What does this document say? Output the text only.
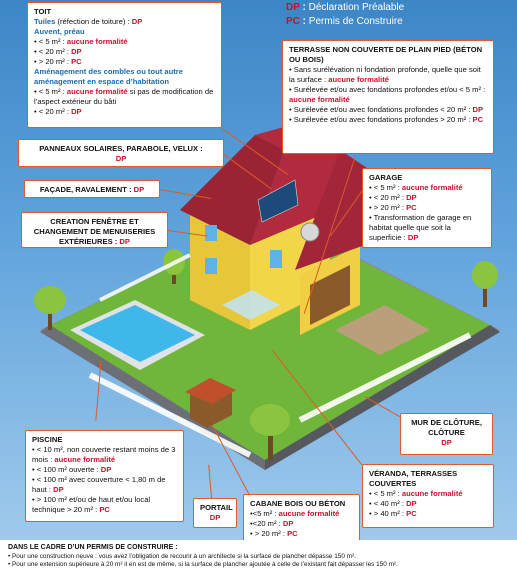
DP : Déclaration Préalable
PC : Permis de Construire
TOIT
Tuiles (réfection de toiture) : DP
Auvent, préau
• < 5 m² : aucune formalité
• < 20 m² : DP
• > 20 m² : PC
Aménagement des combles ou tout autre aménagement en espace d’habitation
• < 5 m² : aucune formalité si pas de modification de l’aspect extérieur du bâti
• < 20 m² : DP
TERRASSE NON COUVERTE DE PLAIN PIED (BÉTON OU BOIS)
• Sans surélévation ni fondation profonde, quelle que soit la surface : aucune formalité
• Surélevée et/ou avec fondations profondes et/ou < 5 m² : aucune formalité
• Surélevée et/ou avec fondations profondes < 20 m² : DP
• Surélevée et/ou avec fondations profondes > 20 m² : PC
PANNEAUX SOLAIRES, PARABOLE, VELUX :
DP
FAÇADE, RAVALEMENT : DP
CREATION FENÊTRE ET CHANGEMENT DE MENUISERIES EXTÉRIEURES : DP
GARAGE
• < 5 m² : aucune formalité
• < 20 m² : DP
• > 20 m² : PC
• Transformation de garage en habitat quelle que soit la superficie : DP
MUR DE CLÔTURE, CLÔTURE
DP
VÉRANDA, TERRASSES COUVERTES
• < 5 m² : aucune formalité
• < 40 m² : DP
• > 40 m² : PC
PISCINE
• < 10 m², non couverte restant moins de 3 mois : aucune formalité
• < 100 m² ouverte : DP
• < 100 m² avec couverture < 1,80 m de haut : DP
• > 100 m² et/ou de haut et/ou local technique > 20 m² : PC	PORTAIL
DP
CABANE BOIS OU BÉTON
•<5 m² : aucune formalité
•<20 m² : DP
• > 20 m² : PC
DANS LE CADRE D’UN PERMIS DE CONSTRUIRE :
• Pour une construction neuve : vous avez l’obligation de recourir à un architecte si la surface de plancher dépasse 150 m².
• Pour une extension supérieure à 20 m² il en est de même, si la surface de plancher ajoutée à celle de l’existant fait dépasser les 150 m².
